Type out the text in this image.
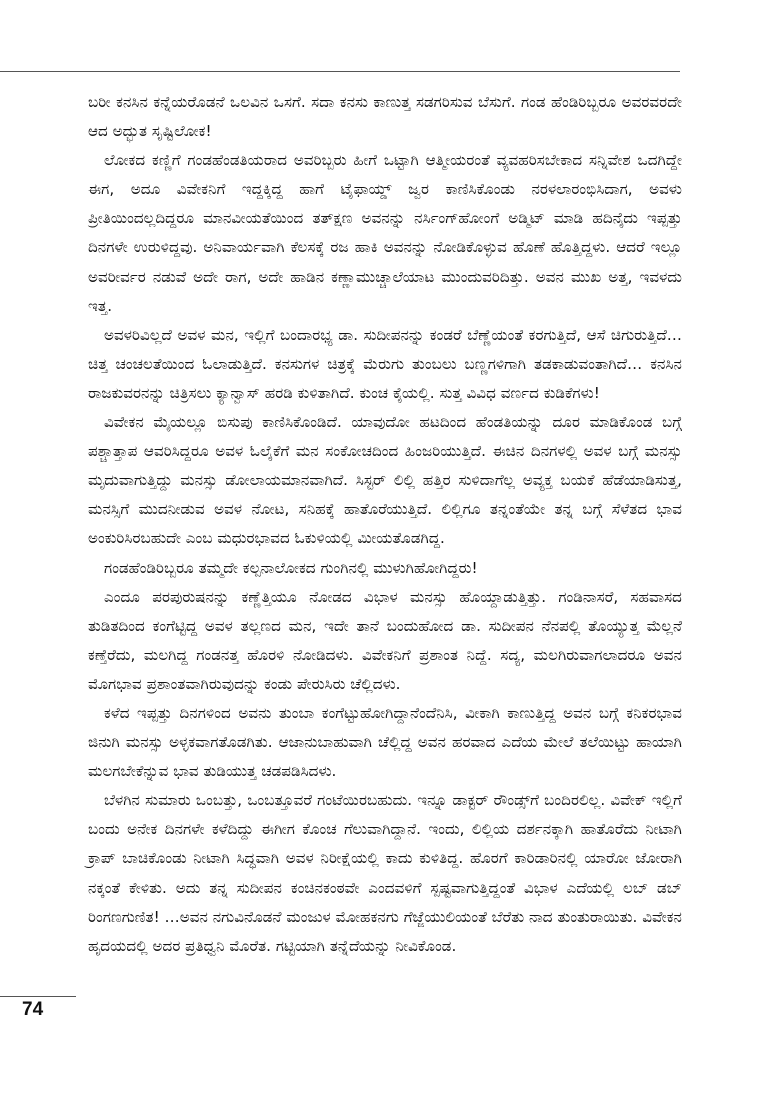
ಬರೀ ಕನಸಿನ ಕನ್ನೆಯರೊಡನೆ ಒಲವಿನ ಒಸಗೆ. ಸದಾ ಕನಸು ಕಾಣುತ್ತ ಸಡಗರಿಸುವ ಬೆಸುಗೆ. ಗಂಡ ಹೆಂಡಿರಿಬ್ಬರೂ ಅವರವರದೇ ಆದ ಅದ್ಭುತ ಸೃಷ್ಟಿಲೋಕ!

ಲೋಕದ ಕಣ್ಣಿಗೆ ಗಂಡಹೆಂಡತಿಯರಾದ ಅವರಿಬ್ಬರು ಹೀಗೆ ಒಟ್ಟಾಗಿ ಆತ್ಮೀಯರಂತೆ ವ್ಯವಹರಿಸಬೇಕಾದ ಸನ್ನಿವೇಶ ಒದಗಿದ್ದೇ ಈಗ, ಅದೂ ವಿವೇಕನಿಗೆ ಇದ್ದಕ್ಕಿದ್ದ ಹಾಗೆ ಟೈಫಾಯ್ಡ್ ಜ್ವರ ಕಾಣಿಸಿಕೊಂಡು ನರಳಲಾರಂಭಿಸಿದಾಗ, ಅವಳು ಪ್ರೀತಿಯಿಂದಲ್ಲದಿದ್ದರೂ ಮಾನವೀಯತೆಯಿಂದ ತತ್‌ಕ್ಷಣ ಅವನನ್ನು ನರ್ಸಿಂಗ್‌ಹೋಂಗೆ ಅಡ್ಮಿಟ್ ಮಾಡಿ ಹದಿನೈದು ಇಪ್ಪತ್ತು ದಿನಗಳೇ ಉರುಳಿದ್ದವು. ಅನಿವಾರ್ಯವಾಗಿ ಕೆಲಸಕ್ಕೆ ರಜ ಹಾಕಿ ಅವನನ್ನು ನೋಡಿಕೊಳ್ಳುವ ಹೊಣೆ ಹೊತ್ತಿದ್ದಳು. ಆದರೆ ಇಲ್ಲೂ ಅವರೀರ್ವರ ನಡುವೆ ಅದೇ ರಾಗ, ಅದೇ ಹಾಡಿನ ಕಣ್ಣಾಮುಚ್ಚಾಲೆಯಾಟ ಮುಂದುವರಿದಿತ್ತು. ಅವನ ಮುಖ ಅತ್ತ, ಇವಳದು ಇತ್ತ.

ಅವಳರಿವಿಲ್ಲದೆ ಅವಳ ಮನ, ಇಲ್ಲಿಗೆ ಬಂದಾರಭ್ಯ ಡಾ. ಸುದೀಪನನ್ನು ಕಂಡರೆ ಬೆಣ್ಣೆಯಂತೆ ಕರಗುತ್ತಿದೆ, ಆಸೆ ಚಿಗುರುತ್ತಿದೆ… ಚಿತ್ತ ಚಂಚಲತೆಯಿಂದ ಓಲಾಡುತ್ತಿದೆ. ಕನಸುಗಳ ಚಿತ್ರಕ್ಕೆ ಮೆರುಗು ತುಂಬಲು ಬಣ್ಣಗಳಿಗಾಗಿ ತಡಕಾಡುವಂತಾಗಿದೆ… ಕನಸಿನ ರಾಜಕುವರನನ್ನು ಚಿತ್ರಿಸಲು ಕ್ಯಾನ್ವಾಸ್ ಹರಡಿ ಕುಳಿತಾಗಿದೆ. ಕುಂಚ ಕೈಯಲ್ಲಿ. ಸುತ್ತ ವಿವಿಧ ವರ್ಣದ ಕುಡಿಕೆಗಳು!

ವಿವೇಕನ ಮೈಯಲ್ಲೂ ಬಿಸುಪು ಕಾಣಿಸಿಕೊಂಡಿದೆ. ಯಾವುದೋ ಹಟದಿಂದ ಹೆಂಡತಿಯನ್ನು ದೂರ ಮಾಡಿಕೊಂಡ ಬಗ್ಗೆ ಪಶ್ಚಾತ್ತಾಪ ಆವರಿಸಿದ್ದರೂ ಅವಳ ಓಲೈಕೆಗೆ ಮನ ಸಂಕೋಚದಿಂದ ಹಿಂಜರಿಯುತ್ತಿದೆ. ಈಚಿನ ದಿನಗಳಲ್ಲಿ ಅವಳ ಬಗ್ಗೆ ಮನಸ್ಸು ಮೃದುವಾಗುತ್ತಿದ್ದು ಮನಸ್ಸು ಡೋಲಾಯಮಾನವಾಗಿದೆ. ಸಿಸ್ಟರ್ ಲಿಲ್ಲಿ ಹತ್ತಿರ ಸುಳಿದಾಗೆಲ್ಲ ಅವ್ಯಕ್ತ ಬಯಕೆ ಹೆಡೆಯಾಡಿಸುತ್ತ, ಮನಸ್ಸಿಗೆ ಮುದನೀಡುವ ಅವಳ ನೋಟ, ಸನಿಹಕ್ಕೆ ಹಾತೊರೆಯುತ್ತಿದೆ. ಲಿಲ್ಲಿಗೂ ತನ್ನಂತೆಯೇ ತನ್ನ ಬಗ್ಗೆ ಸೆಳೆತದ ಭಾವ ಅಂಕುರಿಸಿರಬಹುದೇ ಎಂಬ ಮಧುರಭಾವದ ಓಕುಳಿಯಲ್ಲಿ ಮೀಯತೊಡಗಿದ್ದ.

ಗಂಡಹೆಂಡಿರಿಬ್ಬರೂ ತಮ್ಮದೇ ಕಲ್ಪನಾಲೋಕದ ಗುಂಗಿನಲ್ಲಿ ಮುಳುಗಿಹೋಗಿದ್ದರು!

ಎಂದೂ ಪರಪುರುಷನನ್ನು ಕಣ್ಣೆತ್ತಿಯೂ ನೋಡದ ವಿಭಾಳ ಮನಸ್ಸು ಹೊಯ್ದಾಡುತ್ತಿತ್ತು. ಗಂಡಿನಾಸರೆ, ಸಹವಾಸದ ತುಡಿತದಿಂದ ಕಂಗೆಟ್ಟಿದ್ದ ಅವಳ ತಲ್ಲಣದ ಮನ, ಇದೇ ತಾನೆ ಬಂದುಹೋದ ಡಾ. ಸುದೀಪನ ನೆನಪಲ್ಲಿ ತೊಯ್ಯುತ್ತ ಮೆಲ್ಲನೆ ಕಣ್ತೆರೆದು, ಮಲಗಿದ್ದ ಗಂಡನತ್ತ ಹೊರಳಿ ನೋಡಿದಳು. ವಿವೇಕನಿಗೆ ಪ್ರಶಾಂತ ನಿದ್ದೆ. ಸದ್ಯ, ಮಲಗಿರುವಾಗಲಾದರೂ ಅವನ ಮೊಗಭಾವ ಪ್ರಶಾಂತವಾಗಿರುವುದನ್ನು ಕಂಡು ಪೇರುಸಿರು ಚೆಲ್ಲಿದಳು.

ಕಳೆದ ಇಪ್ಪತ್ತು ದಿನಗಳಿಂದ ಅವನು ತುಂಬಾ ಕಂಗೆಟ್ಟುಹೋಗಿದ್ದಾನೆಂದೆನಿಸಿ, ವೀಕಾಗಿ ಕಾಣುತ್ತಿದ್ದ ಅವನ ಬಗ್ಗೆ ಕನಿಕರಭಾವ ಜಿನುಗಿ ಮನಸ್ಸು ಅಳ್ಳಕವಾಗತೊಡಗಿತು. ಆಜಾನುಬಾಹುವಾಗಿ ಚೆಲ್ಲಿದ್ದ ಅವನ ಹರವಾದ ಎದೆಯ ಮೇಲೆ ತಲೆಯಿಟ್ಟು ಹಾಯಾಗಿ ಮಲಗಬೇಕೆನ್ನುವ ಭಾವ ತುಡಿಯುತ್ತ ಚಡಪಡಿಸಿದಳು.

ಬೆಳಗಿನ ಸುಮಾರು ಒಂಬತ್ತು, ಒಂಬತ್ತೂವರೆ ಗಂಟೆಯಿರಬಹುದು. ಇನ್ನೂ ಡಾಕ್ಟರ್ ರೌಂಡ್ಸ್‌ಗೆ ಬಂದಿರಲಿಲ್ಲ. ವಿವೇಕ್ ಇಲ್ಲಿಗೆ ಬಂದು ಅನೇಕ ದಿನಗಳೇ ಕಳೆದಿದ್ದು ಈಗೀಗ ಕೊಂಚ ಗೆಲುವಾಗಿದ್ದಾನೆ. ಇಂದು, ಲಿಲ್ಲಿಯ ದರ್ಶನಕ್ಕಾಗಿ ಹಾತೊರೆದು ನೀಟಾಗಿ ಕ್ರಾಪ್ ಬಾಚಿಕೊಂಡು ನೀಟಾಗಿ ಸಿದ್ಧವಾಗಿ ಅವಳ ನಿರೀಕ್ಷೆಯಲ್ಲಿ ಕಾದು ಕುಳಿತಿದ್ದ. ಹೊರಗೆ ಕಾರಿಡಾರಿನಲ್ಲಿ ಯಾರೋ ಜೋರಾಗಿ ನಕ್ಕಂತೆ ಕೇಳಿತು. ಅದು ತನ್ನ ಸುದೀಪನ ಕಂಚಿನಕಂಠವೇ ಎಂದವಳಿಗೆ ಸ್ಪಷ್ಟವಾಗುತ್ತಿದ್ದಂತೆ ವಿಭಾಳ ಎದೆಯಲ್ಲಿ ಲಬ್ ಡಬ್ ರಿಂಗಣಗುಣಿತ! …ಅವನ ನಗುವಿನೊಡನೆ ಮಂಜುಳ ಮೋಹಕನಗು ಗೆಜ್ಜೆಯುಲಿಯಂತೆ ಬೆರೆತು ನಾದ ತುಂತುರಾಯಿತು. ವಿವೇಕನ ಹೃದಯದಲ್ಲಿ ಅದರ ಪ್ರತಿಧ್ವನಿ ಮೊರೆತ. ಗಟ್ಟಿಯಾಗಿ ತನ್ನೆದೆಯನ್ನು ನೀವಿಕೊಂಡ.

74
